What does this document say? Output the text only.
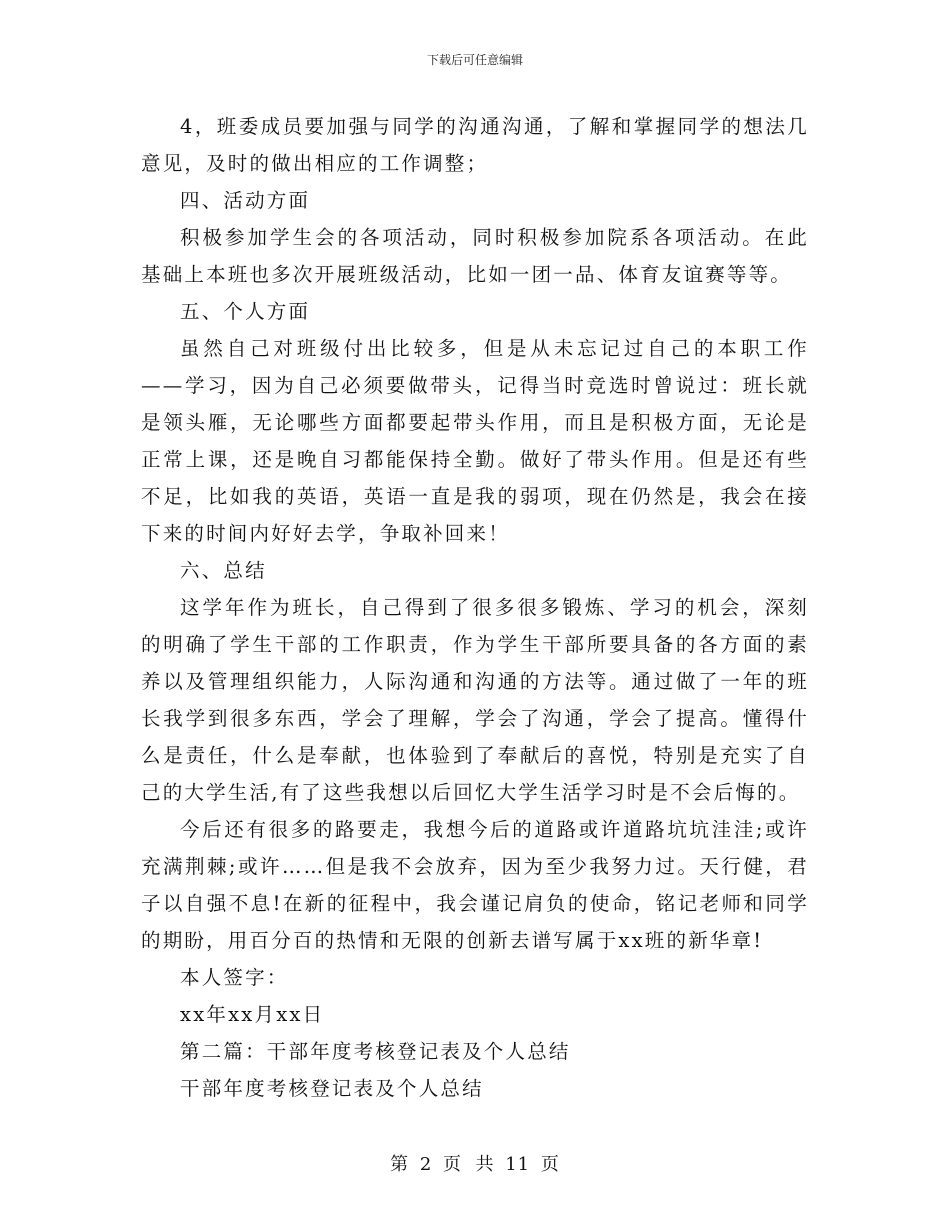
下载后可任意编辑

4，班委成员要加强与同学的沟通沟通，了解和掌握同学的想法几意见，及时的做出相应的工作调整；

四、活动方面

积极参加学生会的各项活动，同时积极参加院系各项活动。在此基础上本班也多次开展班级活动，比如一团一品、体育友谊赛等等。

五、个人方面

虽然自己对班级付出比较多，但是从未忘记过自己的本职工作——学习，因为自己必须要做带头，记得当时竞选时曾说过：班长就是领头雁，无论哪些方面都要起带头作用，而且是积极方面，无论是正常上课，还是晚自习都能保持全勤。做好了带头作用。但是还有些不足，比如我的英语，英语一直是我的弱项，现在仍然是，我会在接下来的时间内好好去学，争取补回来！

六、总结

这学年作为班长，自己得到了很多很多锻炼、学习的机会，深刻的明确了学生干部的工作职责，作为学生干部所要具备的各方面的素养以及管理组织能力，人际沟通和沟通的方法等。通过做了一年的班长我学到很多东西，学会了理解，学会了沟通，学会了提高。懂得什么是责任，什么是奉献，也体验到了奉献后的喜悦，特别是充实了自己的大学生活,有了这些我想以后回忆大学生活学习时是不会后悔的。

今后还有很多的路要走，我想今后的道路或许道路坑坑洼洼;或许充满荆棘;或许……但是我不会放弃，因为至少我努力过。天行健，君子以自强不息!在新的征程中，我会谨记肩负的使命，铭记老师和同学的期盼，用百分百的热情和无限的创新去谱写属于xx班的新华章!

本人签字：

xx年xx月xx日

第二篇：干部年度考核登记表及个人总结

干部年度考核登记表及个人总结

第 2 页  共 11 页
